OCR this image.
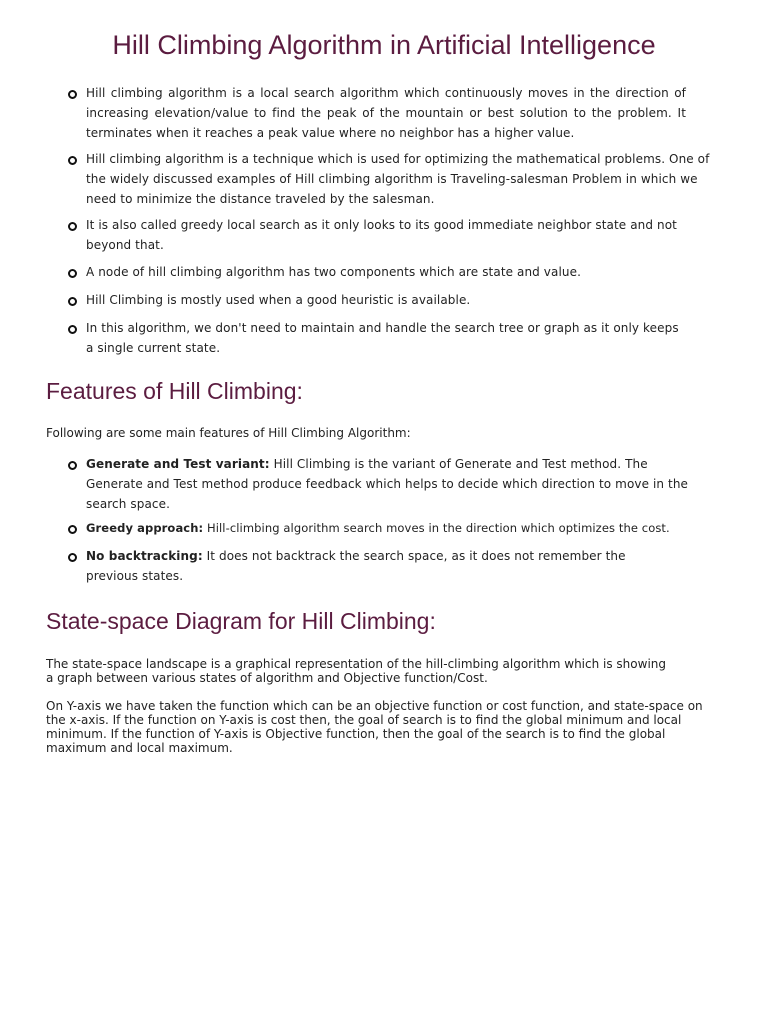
Hill Climbing Algorithm in Artificial Intelligence
Hill climbing algorithm is a local search algorithm which continuously moves in the direction of increasing elevation/value to find the peak of the mountain or best solution to the problem. It terminates when it reaches a peak value where no neighbor has a higher value.
Hill climbing algorithm is a technique which is used for optimizing the mathematical problems. One of the widely discussed examples of Hill climbing algorithm is Traveling-salesman Problem in which we need to minimize the distance traveled by the salesman.
It is also called greedy local search as it only looks to its good immediate neighbor state and not beyond that.
A node of hill climbing algorithm has two components which are state and value.
Hill Climbing is mostly used when a good heuristic is available.
In this algorithm, we don't need to maintain and handle the search tree or graph as it only keeps a single current state.
Features of Hill Climbing:

Following are some main features of Hill Climbing Algorithm:

Generate and Test variant: Hill Climbing is the variant of Generate and Test method. The Generate and Test method produce feedback which helps to decide which direction to move in the search space.
Greedy approach: Hill-climbing algorithm search moves in the direction which optimizes the cost.
No backtracking: It does not backtrack the search space, as it does not remember the previous states.
State-space Diagram for Hill Climbing:

The state-space landscape is a graphical representation of the hill-climbing algorithm which is showing a graph between various states of algorithm and Objective function/Cost.

On Y-axis we have taken the function which can be an objective function or cost function, and state-space on the x-axis. If the function on Y-axis is cost then, the goal of search is to find the global minimum and local minimum. If the function of Y-axis is Objective function, then the goal of the search is to find the global maximum and local maximum.
